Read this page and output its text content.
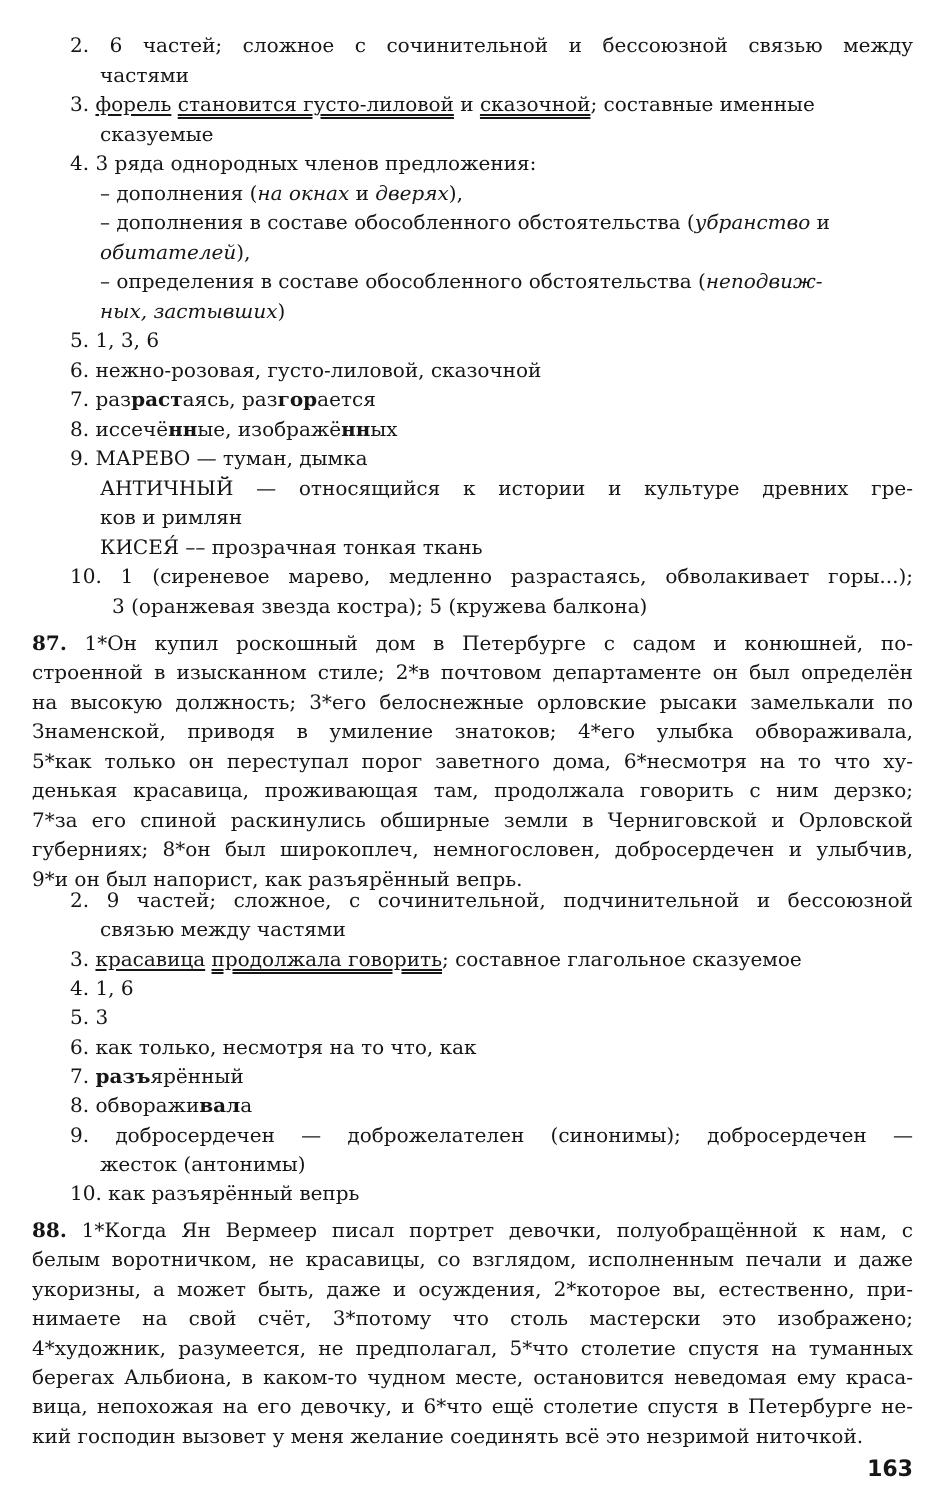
2. 6 частей; сложное с сочинительной и бессоюзной связью между
частями
3. форель становится густо-лиловой и сказочной; составные именные
сказуемые
4. 3 ряда однородных членов предложения:
– дополнения (на окнах и дверях),
– дополнения в составе обособленного обстоятельства (убранство и
обитателей),
– определения в составе обособленного обстоятельства (неподвиж-
ных, застывших)
5. 1, 3, 6
6. нежно-розовая, густо-лиловой, сказочной
7. разрастаясь, разгорается
8. иссечённые, изображённых
9. МАРЕВО — туман, дымка
АНТИЧНЫЙ — относящийся к истории и культуре древних гре-
ков и римлян
КИСЕЯ́ –– прозрачная тонкая ткань
10. 1 (сиреневое марево, медленно разрастаясь, обволакивает горы...);
3 (оранжевая звезда костра); 5 (кружева балкона)
87. 1*Он купил роскошный дом в Петербурге с садом и конюшней, по-
строенной в изысканном стиле; 2*в почтовом департаменте он был определён
на высокую должность; 3*его белоснежные орловские рысаки замелькали по
Знаменской, приводя в умиление знатоков; 4*его улыбка обвораживала,
5*как только он переступал порог заветного дома, 6*несмотря на то что ху-
денькая красавица, проживающая там, продолжала говорить с ним дерзко;
7*за его спиной раскинулись обширные земли в Черниговской и Орловской
губерниях; 8*он был широкоплеч, немногословен, добросердечен и улыбчив,
9*и он был напорист, как разъярённый вепрь.
2. 9 частей; сложное, с сочинительной, подчинительной и бессоюзной
связью между частями
3. красавица продолжала говорить; составное глагольное сказуемое
4. 1, 6
5. 3
6. как только, несмотря на то что, как
7. разъярённый
8. обвораживала
9. добросердечен — доброжелателен (синонимы); добросердечен —
жесток (антонимы)
10. как разъярённый вепрь
88. 1*Когда Ян Вермеер писал портрет девочки, полуобращённой к нам, с
белым воротничком, не красавицы, со взглядом, исполненным печали и даже
укоризны, а может быть, даже и осуждения, 2*которое вы, естественно, при-
нимаете на свой счёт, 3*потому что столь мастерски это изображено;
4*художник, разумеется, не предполагал, 5*что столетие спустя на туманных
берегах Альбиона, в каком-то чудном месте, остановится неведомая ему краса-
вица, непохожая на его девочку, и 6*что ещё столетие спустя в Петербурге не-
кий господин вызовет у меня желание соединять всё это незримой ниточкой.
163
